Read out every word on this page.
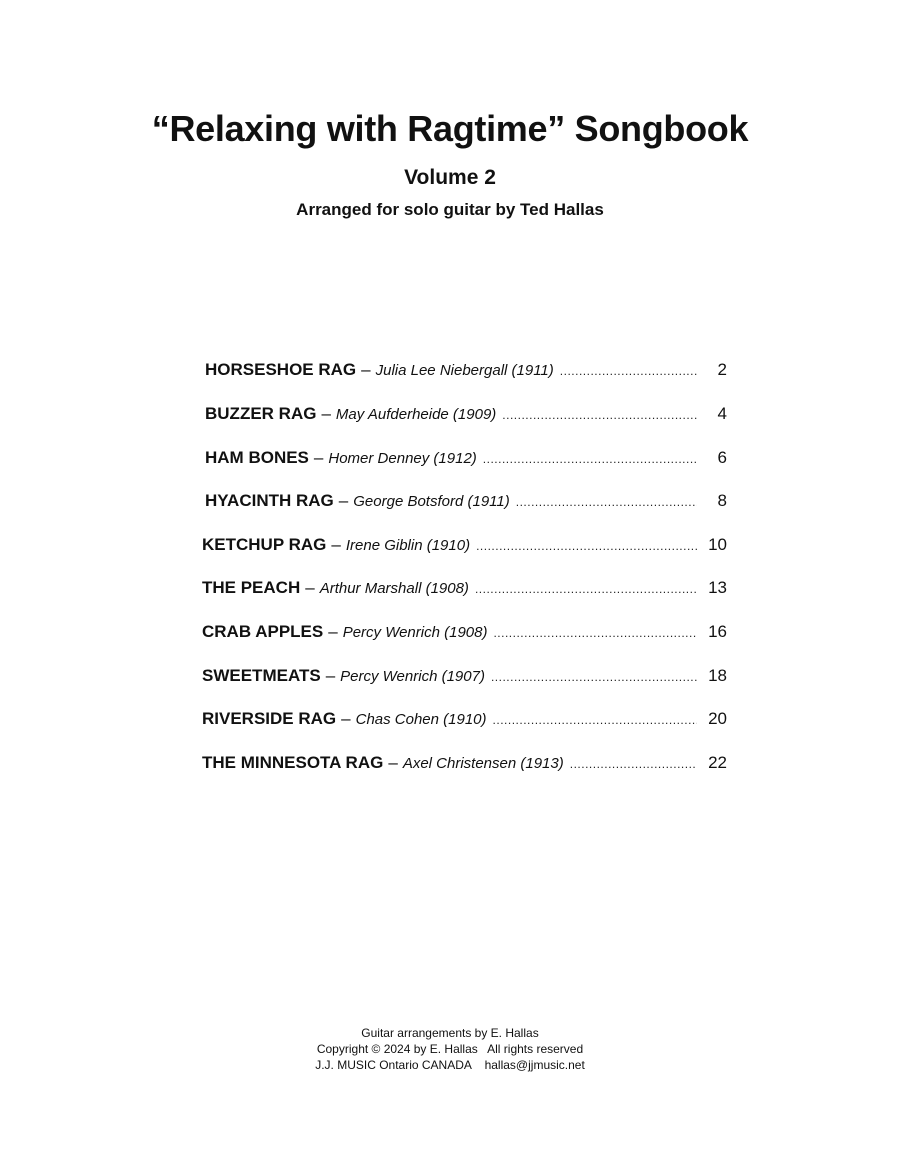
“Relaxing with Ragtime” Songbook
Volume 2
Arranged for solo guitar by Ted Hallas
HORSESHOE RAG – Julia Lee Niebergall (1911) .....	2
BUZZER RAG – May Aufderheide (1909) .....	4
HAM BONES – Homer Denney (1912) .....	6
HYACINTH RAG – George Botsford (1911) .....	8
KETCHUP RAG – Irene Giblin (1910) .....	10
THE PEACH – Arthur Marshall (1908) .....	13
CRAB APPLES – Percy Wenrich (1908) .....	16
SWEETMEATS – Percy Wenrich (1907) .....	18
RIVERSIDE RAG – Chas Cohen (1910) .....	20
THE MINNESOTA RAG – Axel Christensen (1913) .....	22
Guitar arrangements by E. Hallas
Copyright © 2024 by E. Hallas   All rights reserved
J.J. MUSIC Ontario CANADA    hallas@jjmusic.net
